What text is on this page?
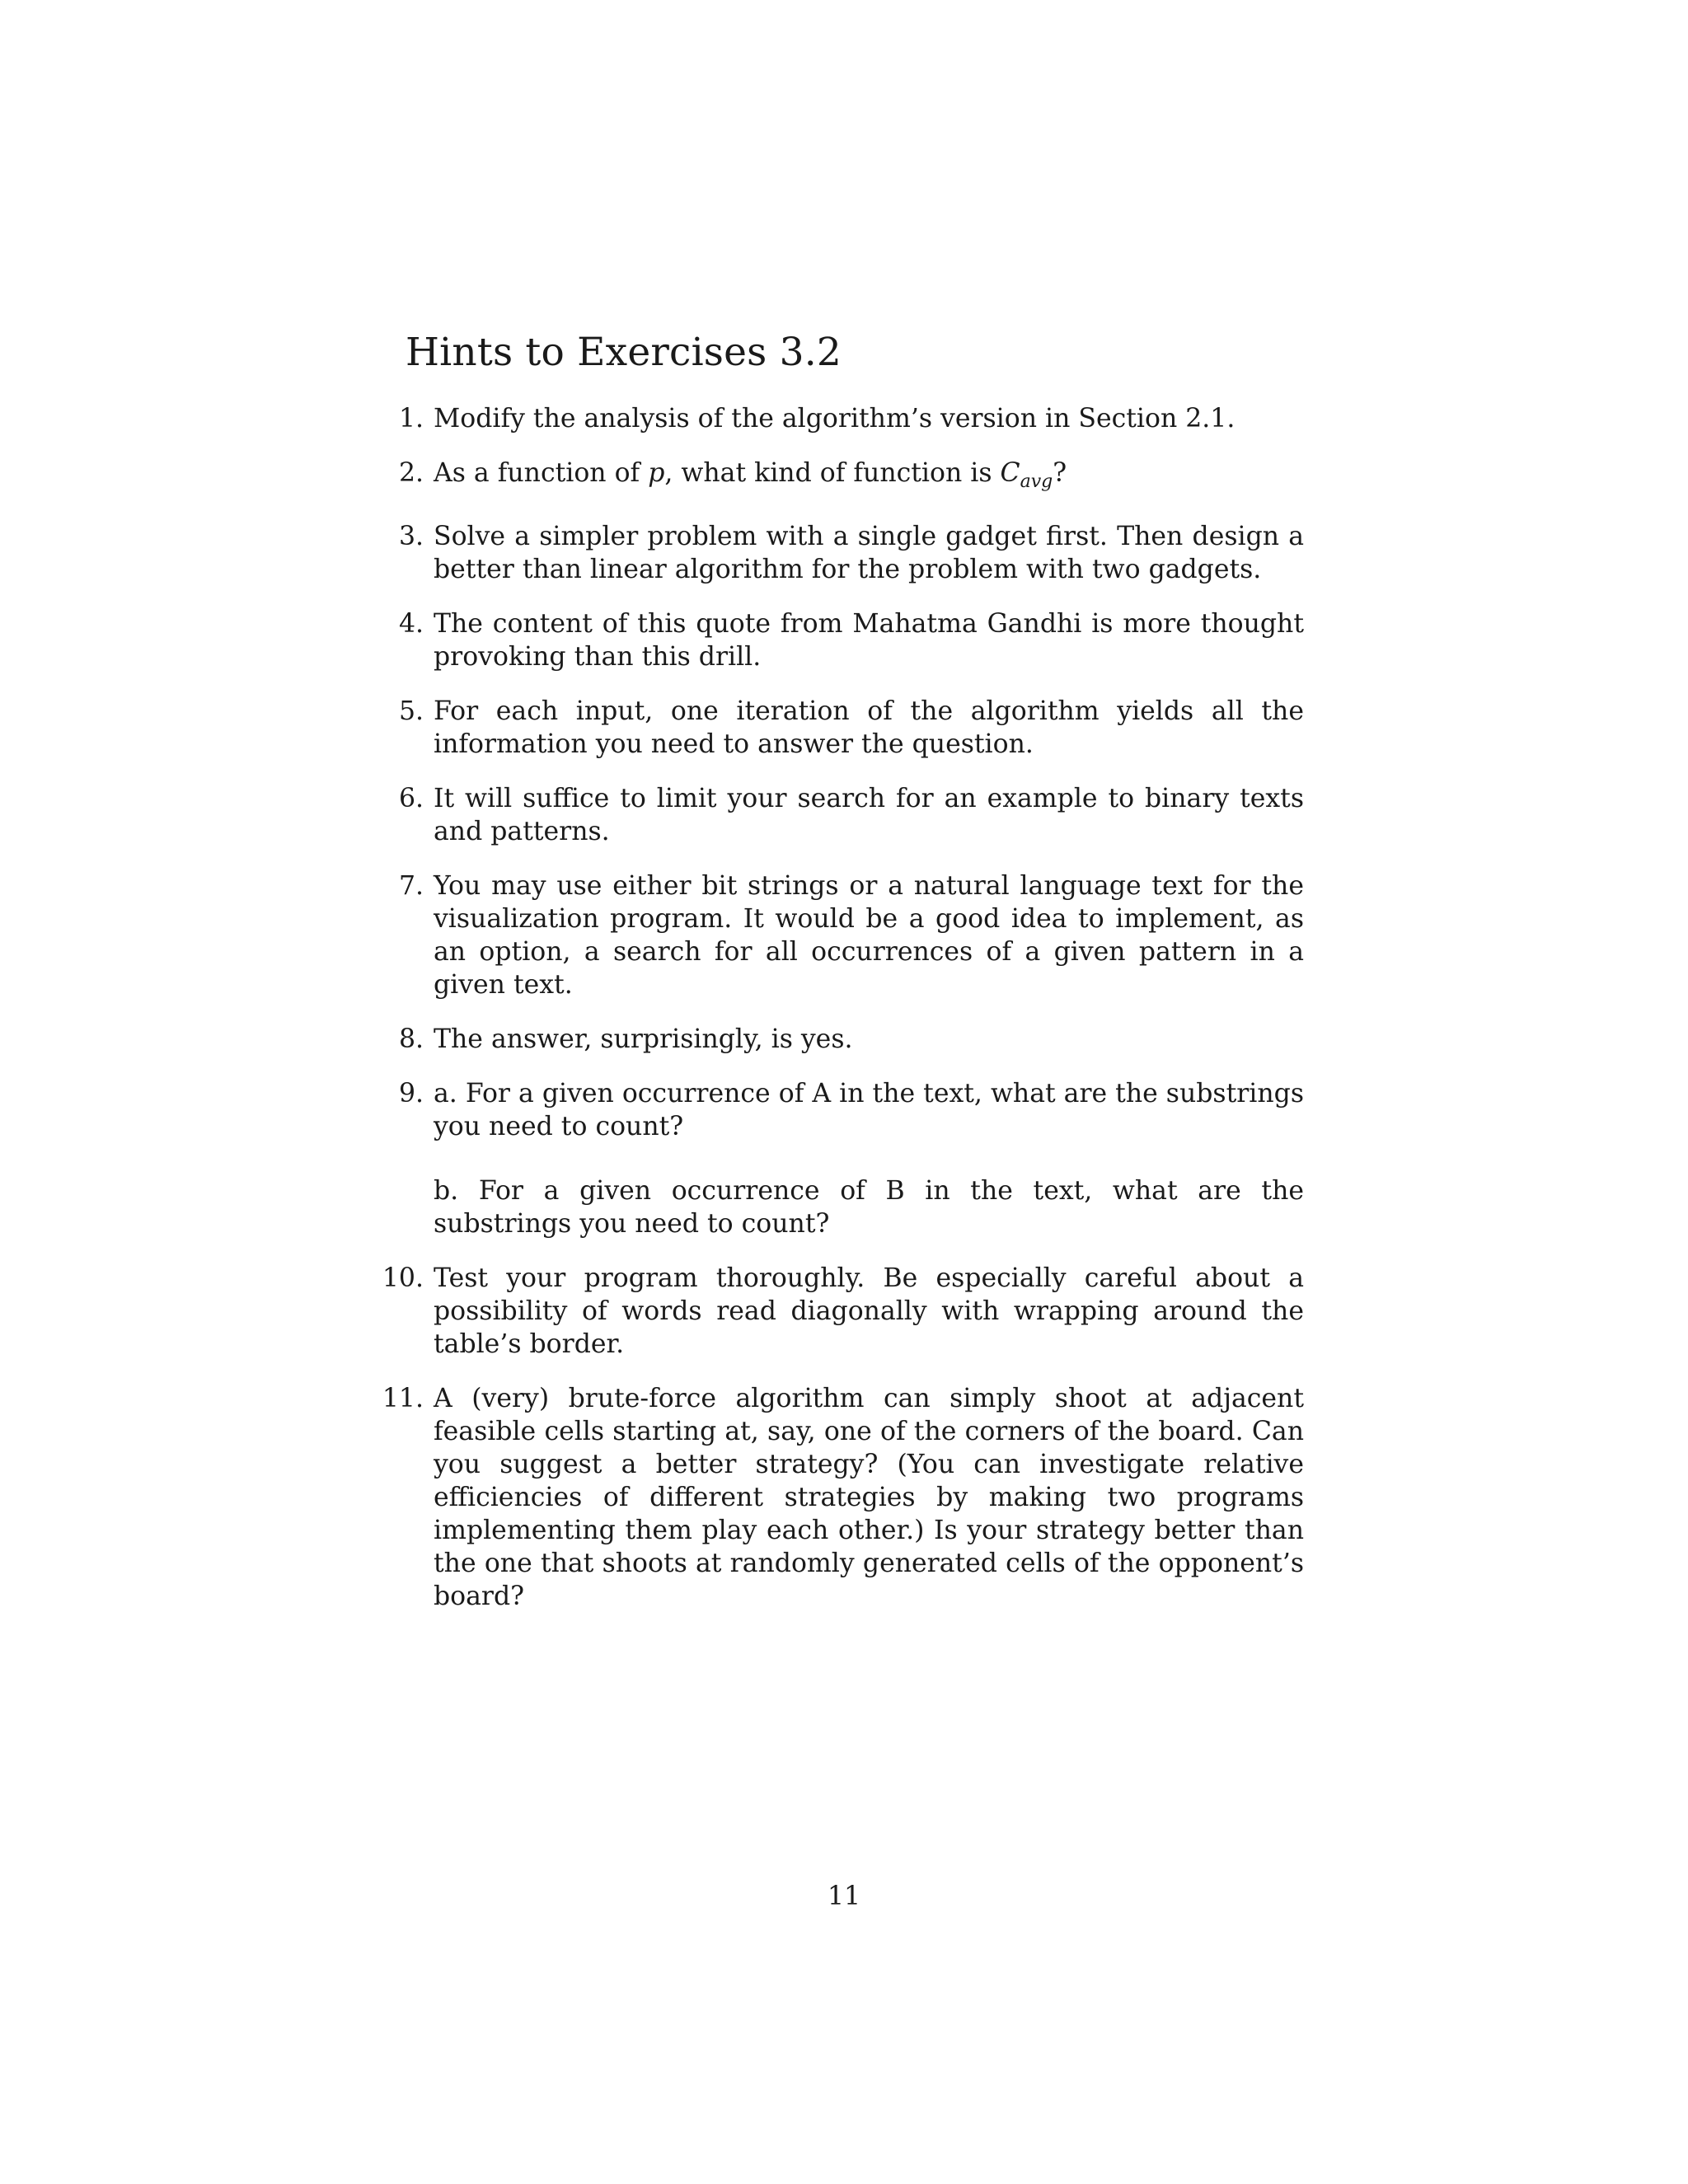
Hints to Exercises 3.2
1. Modify the analysis of the algorithm’s version in Section 2.1.

2. As a function of p, what kind of function is $C_{avg}$?

3. Solve a simpler problem with a single gadget first. Then design a better than linear algorithm for the problem with two gadgets.

4. The content of this quote from Mahatma Gandhi is more thought provoking than this drill.

5. For each input, one iteration of the algorithm yields all the information you need to answer the question.

6. It will suffice to limit your search for an example to binary texts and patterns.

7. You may use either bit strings or a natural language text for the visualization program. It would be a good idea to implement, as an option, a search for all occurrences of a given pattern in a given text.

8. The answer, surprisingly, is yes.

9. a. For a given occurrence of A in the text, what are the substrings you need to count?

b. For a given occurrence of B in the text, what are the substrings you need to count?

10. Test your program thoroughly. Be especially careful about a possibility of words read diagonally with wrapping around the table’s border.

11. A (very) brute-force algorithm can simply shoot at adjacent feasible cells starting at, say, one of the corners of the board. Can you suggest a better strategy? (You can investigate relative efficiencies of different strategies by making two programs implementing them play each other.) Is your strategy better than the one that shoots at randomly generated cells of the opponent’s board?

11
